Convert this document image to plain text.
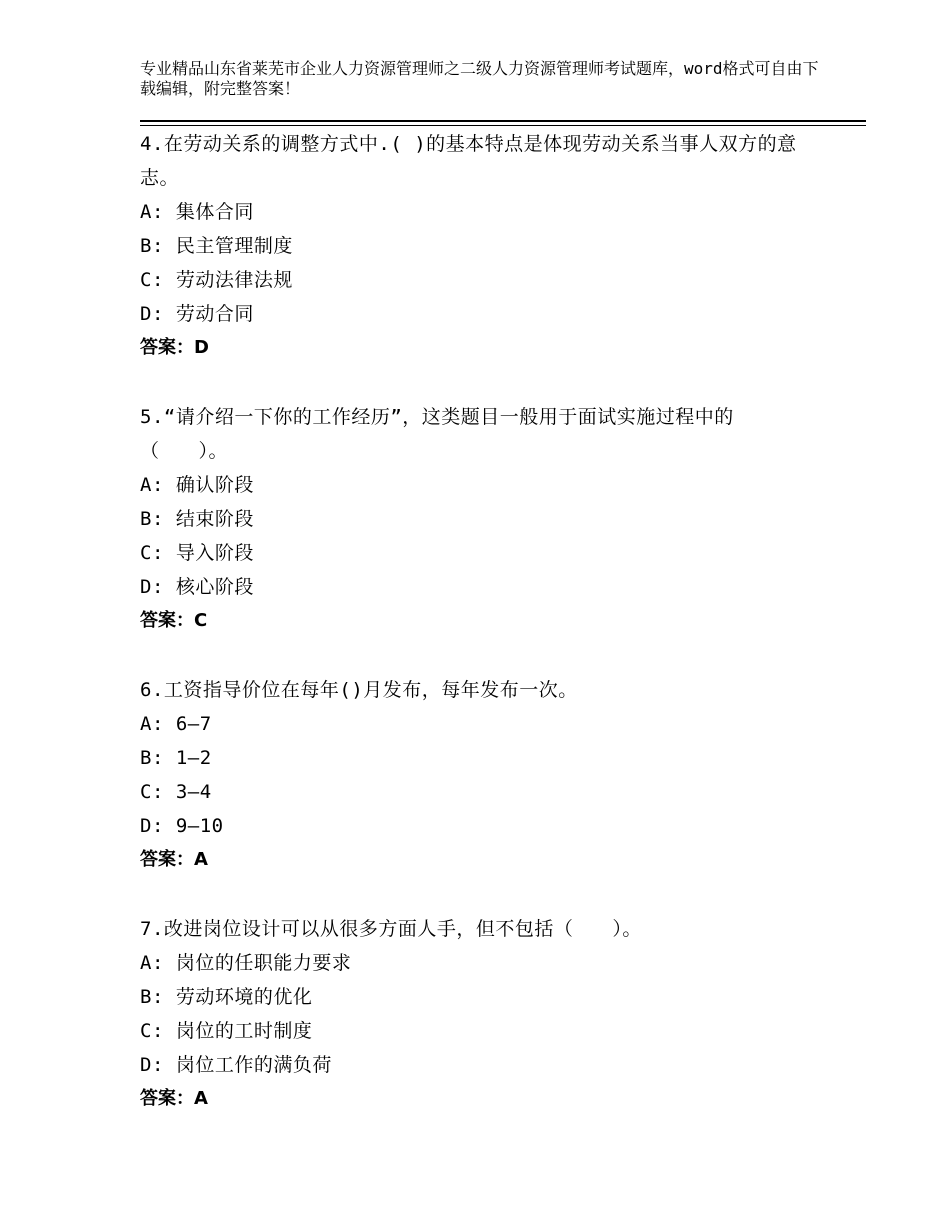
专业精品山东省莱芜市企业人力资源管理师之二级人力资源管理师考试题库，word格式可自由下载编辑，附完整答案！
4.在劳动关系的调整方式中.( )的基本特点是体现劳动关系当事人双方的意志。
A: 集体合同
B: 民主管理制度
C: 劳动法律法规
D: 劳动合同
答案：D
5.“请介绍一下你的工作经历”，这类题目一般用于面试实施过程中的（　　）。
A: 确认阶段
B: 结束阶段
C: 导入阶段
D: 核心阶段
答案：C
6.工资指导价位在每年()月发布，每年发布一次。
A: 6—7
B: 1—2
C: 3—4
D: 9—10
答案：A
7.改进岗位设计可以从很多方面人手，但不包括（　　）。
A: 岗位的任职能力要求
B: 劳动环境的优化
C: 岗位的工时制度
D: 岗位工作的满负荷
答案：A
